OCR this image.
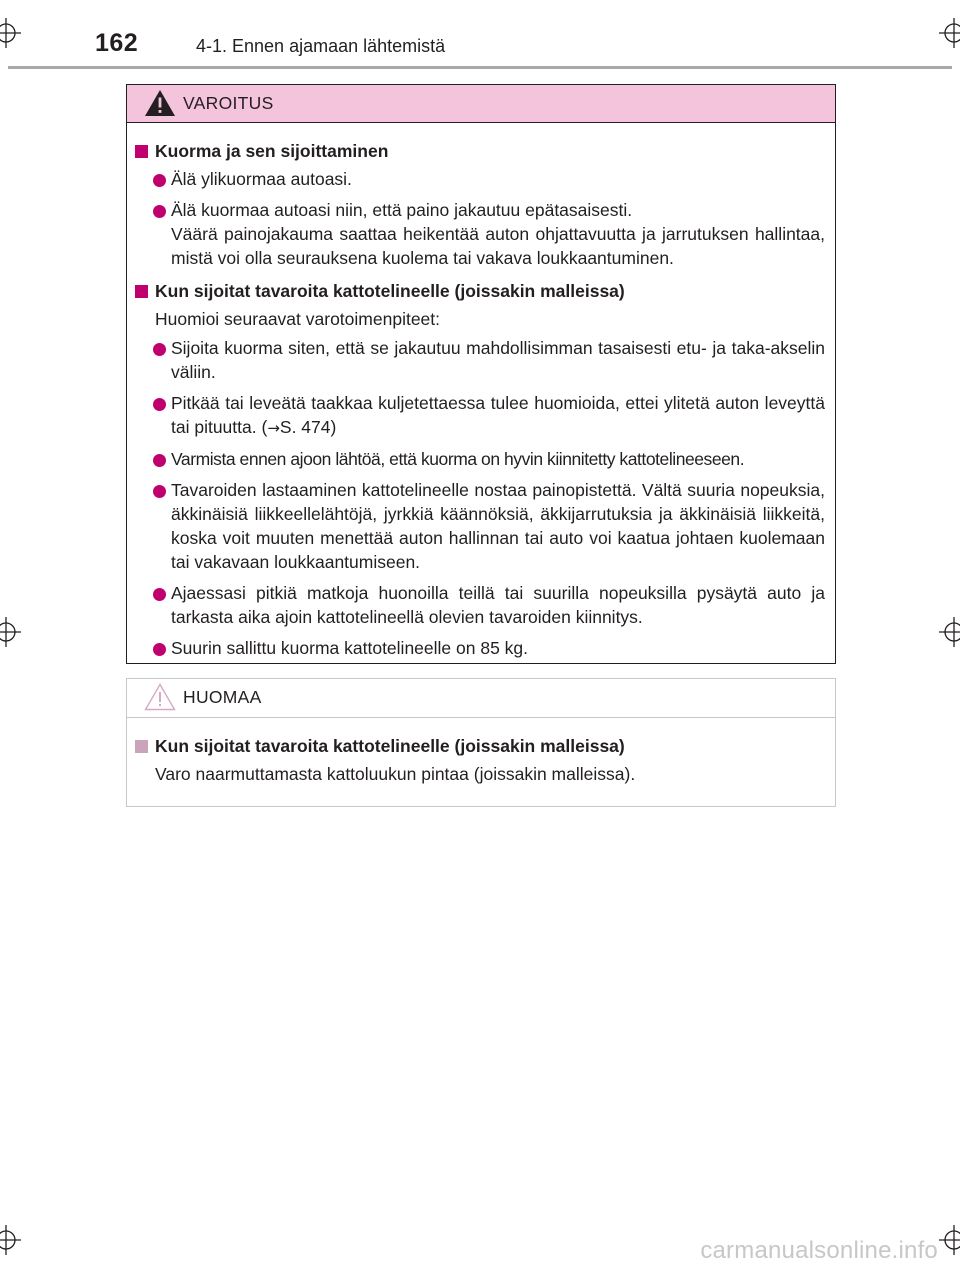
162	4-1. Ennen ajamaan lähtemistä
VAROITUS
Kuorma ja sen sijoittaminen
Älä ylikuormaa autoasi.
Älä kuormaa autoasi niin, että paino jakautuu epätasaisesti.
Väärä painojakauma saattaa heikentää auton ohjattavuutta ja jarrutuksen hallintaa, mistä voi olla seurauksena kuolema tai vakava loukkaantuminen.
Kun sijoitat tavaroita kattotelineelle (joissakin malleissa)
Huomioi seuraavat varotoimenpiteet:
Sijoita kuorma siten, että se jakautuu mahdollisimman tasaisesti etu- ja taka-akselin väliin.
Pitkää tai leveätä taakkaa kuljetettaessa tulee huomioida, ettei ylitetä auton leveyttä tai pituutta. (→S. 474)
Varmista ennen ajoon lähtöä, että kuorma on hyvin kiinnitetty kattotelineeseen.
Tavaroiden lastaaminen kattotelineelle nostaa painopistettä. Vältä suuria nopeuksia, äkkinäisiä liikkeellelähtöjä, jyrkkiä käännöksiä, äkkijarrutuksia ja äkkinäisiä liikkeitä, koska voit muuten menettää auton hallinnan tai auto voi kaatua johtaen kuolemaan tai vakavaan loukkaantumiseen.
Ajaessasi pitkiä matkoja huonoilla teillä tai suurilla nopeuksilla pysäytä auto ja tarkasta aika ajoin kattotelineellä olevien tavaroiden kiinnitys.
Suurin sallittu kuorma kattotelineelle on 85 kg.
HUOMAA
Kun sijoitat tavaroita kattotelineelle (joissakin malleissa)
Varo naarmuttamasta kattoluukun pintaa (joissakin malleissa).
carmanualsonline.info
